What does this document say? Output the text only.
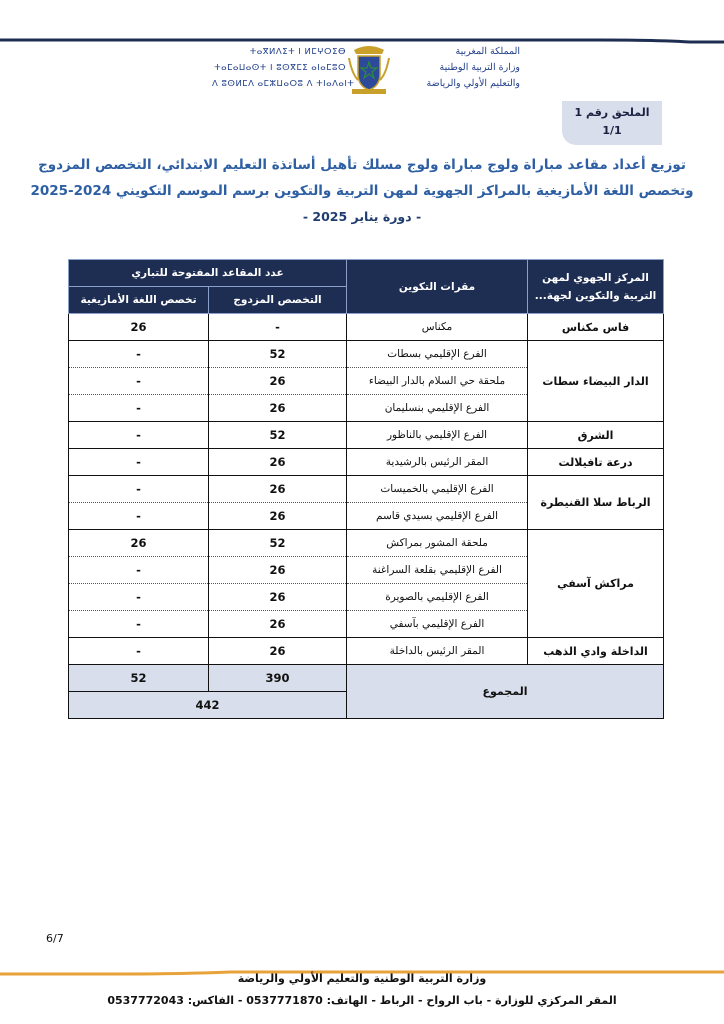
ⵜⴰⴳⵍⴷⵉⵜ ⵏ ⵍⵎⵖⵔⵉⴱ
ⵜⴰⵎⴰⵡⴰⵙⵜ ⵏ ⵓⵙⴳⵎⵉ ⴰⵏⴰⵎⵓⵔ
ⴷ ⵓⵙⵍⵎⴷ ⴰⵎⵣⵡⴰⵔⵓ ⴷ ⵜⵏⴰⴷⴰⵏⵜ
المملكة المغربية
وزارة التربية الوطنية
والتعليم الأولي والرياضة
الملحق رقم 1
1/1
توزيع أعداد مقاعد مباراة ولوج مباراة ولوج مسلك تأهيل أساتذة التعليم الابتدائي، التخصص المزدوج
وتخصص اللغة الأمازيغية بالمراكز الجهوية لمهن التربية والتكوين برسم الموسم التكويني 2024-2025
- دورة يناير 2025 -
المركز الجهوي لمهن التربية والتكوين لجهة...	مقرات التكوين	عدد المقاعد المفتوحة للتباري	
		التخصص المزدوج	تخصص اللغة الأمازيغية
فاس مكناس	مكناس	-	26
الدار البيضاء سطات	الفرع الإقليمي بسطات	52	-
	ملحقة حي السلام بالدار البيضاء	26	-
	الفرع الإقليمي بنسليمان	26	-
الشرق	الفرع الإقليمي بالناظور	52	-
درعة تافيلالت	المقر الرئيس بالرشيدية	26	-
الرباط سلا القنيطرة	الفرع الإقليمي بالخميسات	26	-
	الفرع الإقليمي بسيدي قاسم	26	-
مراكش آسفي	ملحقة المشور بمراكش	52	26
	الفرع الإقليمي بقلعة السراغنة	26	-
	الفرع الإقليمي بالصويرة	26	-
	الفرع الإقليمي بآسفي	26	-
الداخلة وادي الذهب	المقر الرئيس بالداخلة	26	-
المجموع		390	52
		442	
6/7
وزارة التربية الوطنية والتعليم الأولي والرياضة
المقر المركزي للوزارة - باب الرواح - الرباط - الهاتف: 0537771870 - الفاكس: 0537772043
